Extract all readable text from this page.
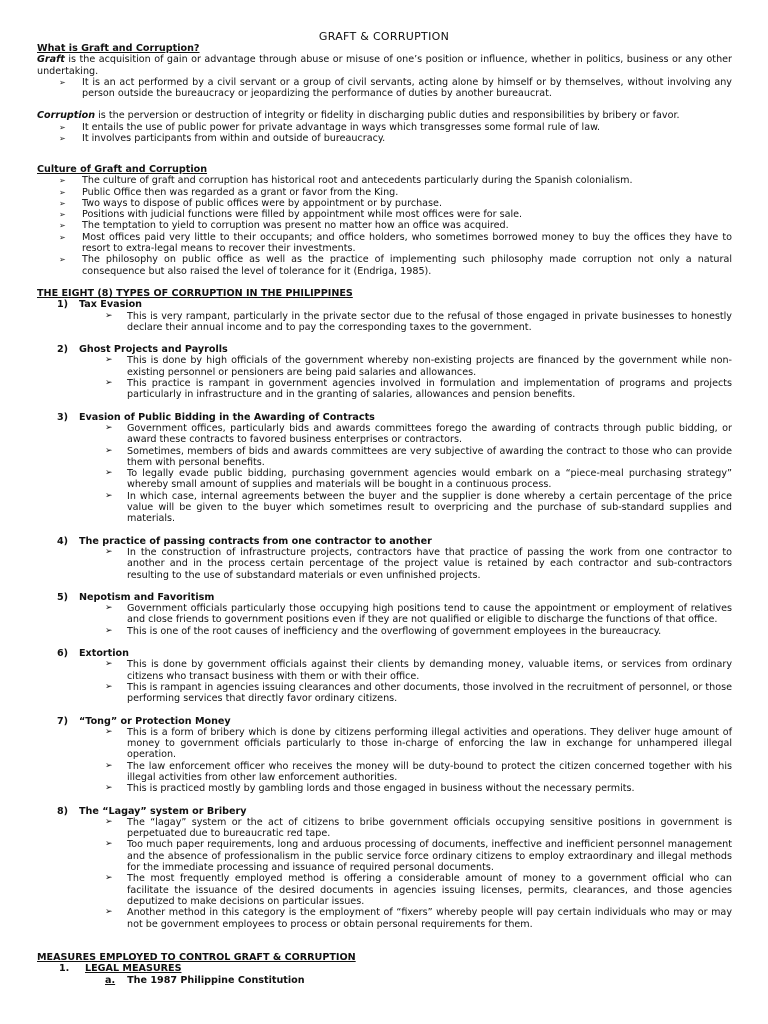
GRAFT & CORRUPTION
What is Graft and Corruption?
Graft is the acquisition of gain or advantage through abuse or misuse of one’s position or influence, whether in politics, business or any other undertaking.
➢ It is an act performed by a civil servant or a group of civil servants, acting alone by himself or by themselves, without involving any person outside the bureaucracy or jeopardizing the performance of duties by another bureaucrat.
Corruption is the perversion or destruction of integrity or fidelity in discharging public duties and responsibilities by bribery or favor.
➢ It entails the use of public power for private advantage in ways which transgresses some formal rule of law.
➢ It involves participants from within and outside of bureaucracy.
Culture of Graft and Corruption
➢ The culture of graft and corruption has historical root and antecedents particularly during the Spanish colonialism.
➢ Public Office then was regarded as a grant or favor from the King.
➢ Two ways to dispose of public offices were by appointment or by purchase.
➢ Positions with judicial functions were filled by appointment while most offices were for sale.
➢ The temptation to yield to corruption was present no matter how an office was acquired.
➢ Most offices paid very little to their occupants; and office holders, who sometimes borrowed money to buy the offices they have to resort to extra-legal means to recover their investments.
➢ The philosophy on public office as well as the practice of implementing such philosophy made corruption not only a natural consequence but also raised the level of tolerance for it (Endriga, 1985).
THE EIGHT (8) TYPES OF CORRUPTION IN THE PHILIPPINES
1) Tax Evasion
➢ This is very rampant, particularly in the private sector due to the refusal of those engaged in private businesses to honestly declare their annual income and to pay the corresponding taxes to the government.
2) Ghost Projects and Payrolls
➢ This is done by high officials of the government whereby non-existing projects are financed by the government while non-existing personnel or pensioners are being paid salaries and allowances.
➢ This practice is rampant in government agencies involved in formulation and implementation of programs and projects particularly in infrastructure and in the granting of salaries, allowances and pension benefits.
3) Evasion of Public Bidding in the Awarding of Contracts
➢ Government offices, particularly bids and awards committees forego the awarding of contracts through public bidding, or award these contracts to favored business enterprises or contractors.
➢ Sometimes, members of bids and awards committees are very subjective of awarding the contract to those who can provide them with personal benefits.
➢ To legally evade public bidding, purchasing government agencies would embark on a “piece-meal purchasing strategy” whereby small amount of supplies and materials will be bought in a continuous process.
➢ In which case, internal agreements between the buyer and the supplier is done whereby a certain percentage of the price value will be given to the buyer which sometimes result to overpricing and the purchase of sub-standard supplies and materials.
4) The practice of passing contracts from one contractor to another
➢ In the construction of infrastructure projects, contractors have that practice of passing the work from one contractor to another and in the process certain percentage of the project value is retained by each contractor and sub-contractors resulting to the use of substandard materials or even unfinished projects.
5) Nepotism and Favoritism
➢ Government officials particularly those occupying high positions tend to cause the appointment or employment of relatives and close friends to government positions even if they are not qualified or eligible to discharge the functions of that office.
➢ This is one of the root causes of inefficiency and the overflowing of government employees in the bureaucracy.
6) Extortion
➢ This is done by government officials against their clients by demanding money, valuable items, or services from ordinary citizens who transact business with them or with their office.
➢ This is rampant in agencies issuing clearances and other documents, those involved in the recruitment of personnel, or those performing services that directly favor ordinary citizens.
7) “Tong” or Protection Money
➢ This is a form of bribery which is done by citizens performing illegal activities and operations. They deliver huge amount of money to government officials particularly to those in-charge of enforcing the law in exchange for unhampered illegal operation.
➢ The law enforcement officer who receives the money will be duty-bound to protect the citizen concerned together with his illegal activities from other law enforcement authorities.
➢ This is practiced mostly by gambling lords and those engaged in business without the necessary permits.
8) The “Lagay” system or Bribery
➢ The “lagay” system or the act of citizens to bribe government officials occupying sensitive positions in government is perpetuated due to bureaucratic red tape.
➢ Too much paper requirements, long and arduous processing of documents, ineffective and inefficient personnel management and the absence of professionalism in the public service force ordinary citizens to employ extraordinary and illegal methods for the immediate processing and issuance of required personal documents.
➢ The most frequently employed method is offering a considerable amount of money to a government official who can facilitate the issuance of the desired documents in agencies issuing licenses, permits, clearances, and those agencies deputized to make decisions on particular issues.
➢ Another method in this category is the employment of “fixers” whereby people will pay certain individuals who may or may not be government employees to process or obtain personal requirements for them.
MEASURES EMPLOYED TO CONTROL GRAFT & CORRUPTION
1. LEGAL MEASURES
a. The 1987 Philippine Constitution
